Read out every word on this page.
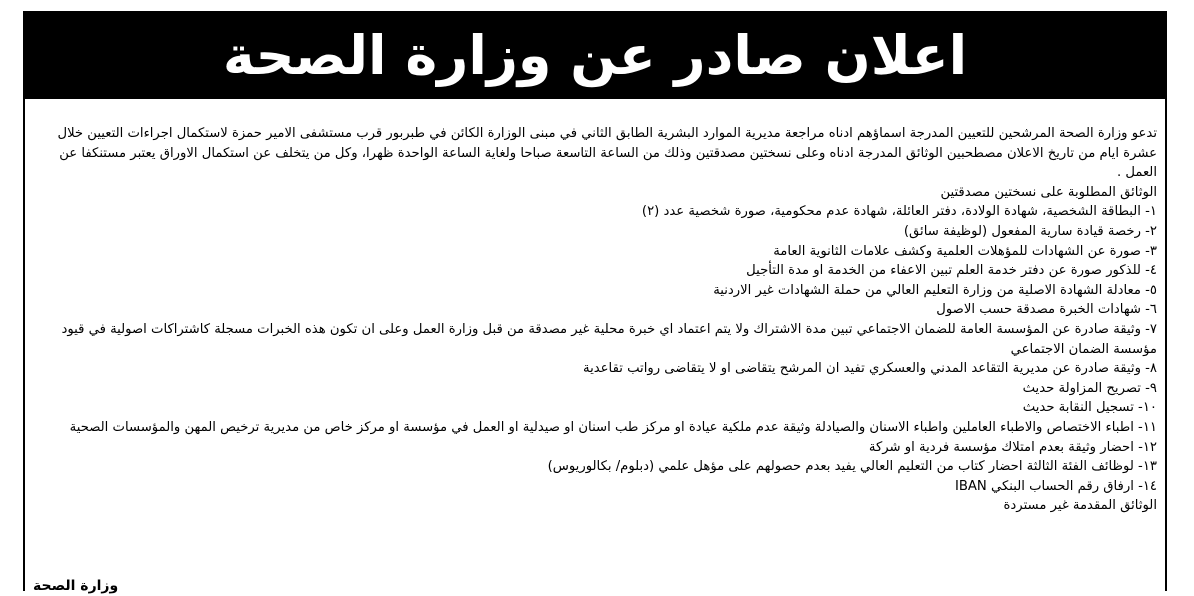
اعلان صادر عن وزارة الصحة

تدعو وزارة الصحة المرشحين للتعيين المدرجة اسماؤهم ادناه مراجعة مديرية الموارد البشرية الطابق الثاني في مبنى الوزارة الكائن في طبربور قرب مستشفى الامير حمزة لاستكمال اجراءات التعيين خلال عشرة ايام من تاريخ الاعلان مصطحبين الوثائق المدرجة ادناه وعلى نسختين مصدقتين وذلك من الساعة التاسعة صباحا ولغاية الساعة الواحدة ظهرا، وكل من يتخلف عن استكمال الاوراق يعتبر مستنكفا عن العمل .

الوثائق المطلوبة على نسختين مصدقتين

١- البطاقة الشخصية، شهادة الولادة، دفتر العائلة، شهادة عدم محكومية، صورة شخصية عدد (٢)

٢- رخصة قيادة سارية المفعول (لوظيفة سائق)

٣- صورة عن الشهادات للمؤهلات العلمية وكشف علامات الثانوية العامة

٤- للذكور صورة عن دفتر خدمة العلم تبين الاعفاء من الخدمة او مدة التأجيل

٥- معادلة الشهادة الاصلية من وزارة التعليم العالي من حملة الشهادات غير الاردنية

٦- شهادات الخبرة مصدقة حسب الاصول

٧- وثيقة صادرة عن المؤسسة العامة للضمان الاجتماعي تبين مدة الاشتراك ولا يتم اعتماد اي خبرة محلية غير مصدقة من قبل وزارة العمل وعلى ان تكون هذه الخبرات مسجلة كاشتراكات اصولية في قيود مؤسسة الضمان الاجتماعي

٨- وثيقة صادرة عن مديرية التقاعد المدني والعسكري تفيد ان المرشح يتقاضى او لا يتقاضى رواتب تقاعدية

٩- تصريح المزاولة حديث

١٠- تسجيل النقابة حديث

١١- اطباء الاختصاص والاطباء العاملين واطباء الاسنان والصيادلة وثيقة عدم ملكية عيادة او مركز طب اسنان او صيدلية او العمل في مؤسسة او مركز خاص من مديرية ترخيص المهن والمؤسسات الصحية

١٢- احضار وثيقة بعدم امتلاك مؤسسة فردية او شركة

١٣- لوظائف الفئة الثالثة احضار كتاب من التعليم العالي يفيد بعدم حصولهم على مؤهل علمي (دبلوم/ بكالوريوس)

١٤- ارفاق رقم الحساب البنكي IBAN

الوثائق المقدمة غير مستردة

وزارة الصحة
